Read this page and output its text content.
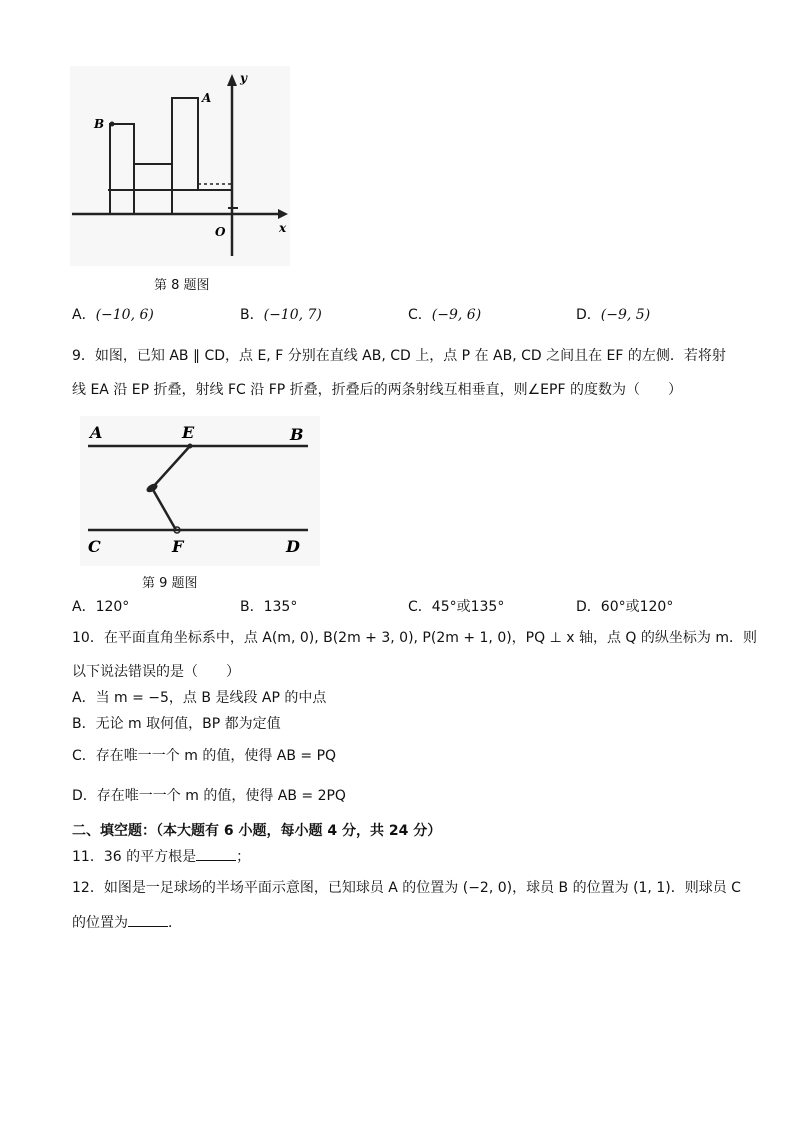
A
B
y
x
O
第 8 题图
A．(−10, 6)	B．(−10, 7)	C．(−9, 6)	D．(−9, 5)
9．如图，已知 AB ∥ CD，点 E, F 分别在直线 AB, CD 上，点 P 在 AB, CD 之间且在 EF 的左侧．若将射
线 EA 沿 EP 折叠，射线 FC 沿 FP 折叠，折叠后的两条射线互相垂直，则∠EPF 的度数为（　　）
A	E	B
C	F	D
第 9 题图
A．120°	B．135°	C．45°或135°	D．60°或120°
10．在平面直角坐标系中，点 A(m, 0), B(2m + 3, 0), P(2m + 1, 0)，PQ ⊥ x 轴，点 Q 的纵坐标为 m．则
以下说法错误的是（　　）
A．当 m = −5，点 B 是线段 AP 的中点
B．无论 m 取何值，BP 都为定值
C．存在唯一一个 m 的值，使得 AB = PQ
D．存在唯一一个 m 的值，使得 AB = 2PQ
二、填空题：（本大题有 6 小题，每小题 4 分，共 24 分）
11．36 的平方根是	；
12．如图是一足球场的半场平面示意图，已知球员 A 的位置为 (−2, 0)，球员 B 的位置为 (1, 1)．则球员 C
的位置为	．
